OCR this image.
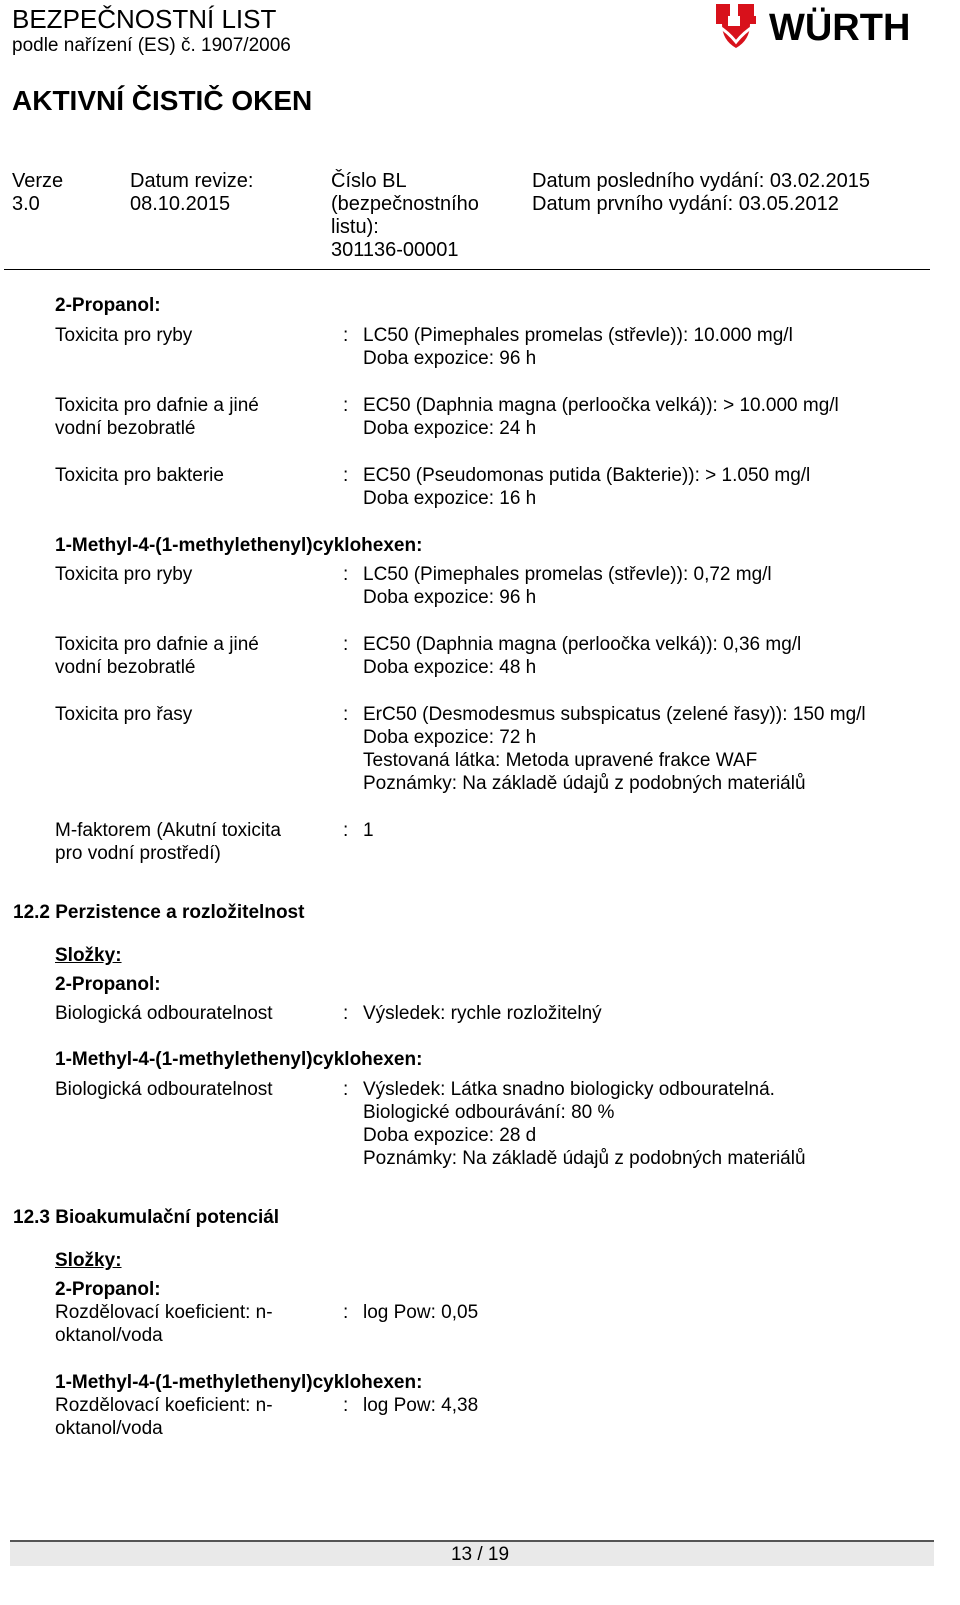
BEZPEČNOSTNÍ LIST
podle nařízení (ES) č. 1907/2006
AKTIVNÍ ČISTIČ OKEN
WÜRTH
Verze
3.0
Datum revize:
08.10.2015
Číslo BL
(bezpečnostního
listu):
301136-00001
Datum posledního vydání: 03.02.2015
Datum prvního vydání: 03.05.2012
2-Propanol:
Toxicita pro ryby	: LC50 (Pimephales promelas (střevle)): 10.000 mg/l
Doba expozice: 96 h
Toxicita pro dafnie a jiné
vodní bezobratlé
: EC50 (Daphnia magna (perloočka velká)): > 10.000 mg/l
Doba expozice: 24 h
Toxicita pro bakterie	: EC50 (Pseudomonas putida (Bakterie)): > 1.050 mg/l
Doba expozice: 16 h
1-Methyl-4-(1-methylethenyl)cyklohexen:
Toxicita pro ryby	: LC50 (Pimephales promelas (střevle)): 0,72 mg/l
Doba expozice: 96 h
Toxicita pro dafnie a jiné
vodní bezobratlé
: EC50 (Daphnia magna (perloočka velká)): 0,36 mg/l
Doba expozice: 48 h
Toxicita pro řasy	: ErC50 (Desmodesmus subspicatus (zelené řasy)): 150 mg/l
Doba expozice: 72 h
Testovaná látka: Metoda upravené frakce WAF
Poznámky: Na základě údajů z podobných materiálů
M-faktorem (Akutní toxicita
pro vodní prostředí)
: 1
12.2 Perzistence a rozložitelnost
Složky:
2-Propanol:
Biologická odbouratelnost	: Výsledek: rychle rozložitelný
1-Methyl-4-(1-methylethenyl)cyklohexen:
Biologická odbouratelnost	: Výsledek: Látka snadno biologicky odbouratelná.
Biologické odbourávání: 80 %
Doba expozice: 28 d
Poznámky: Na základě údajů z podobných materiálů
12.3 Bioakumulační potenciál
Složky:
2-Propanol:
Rozdělovací koeficient: n-
oktanol/voda
: log Pow: 0,05
1-Methyl-4-(1-methylethenyl)cyklohexen:
Rozdělovací koeficient: n-
oktanol/voda
: log Pow: 4,38
13 / 19
